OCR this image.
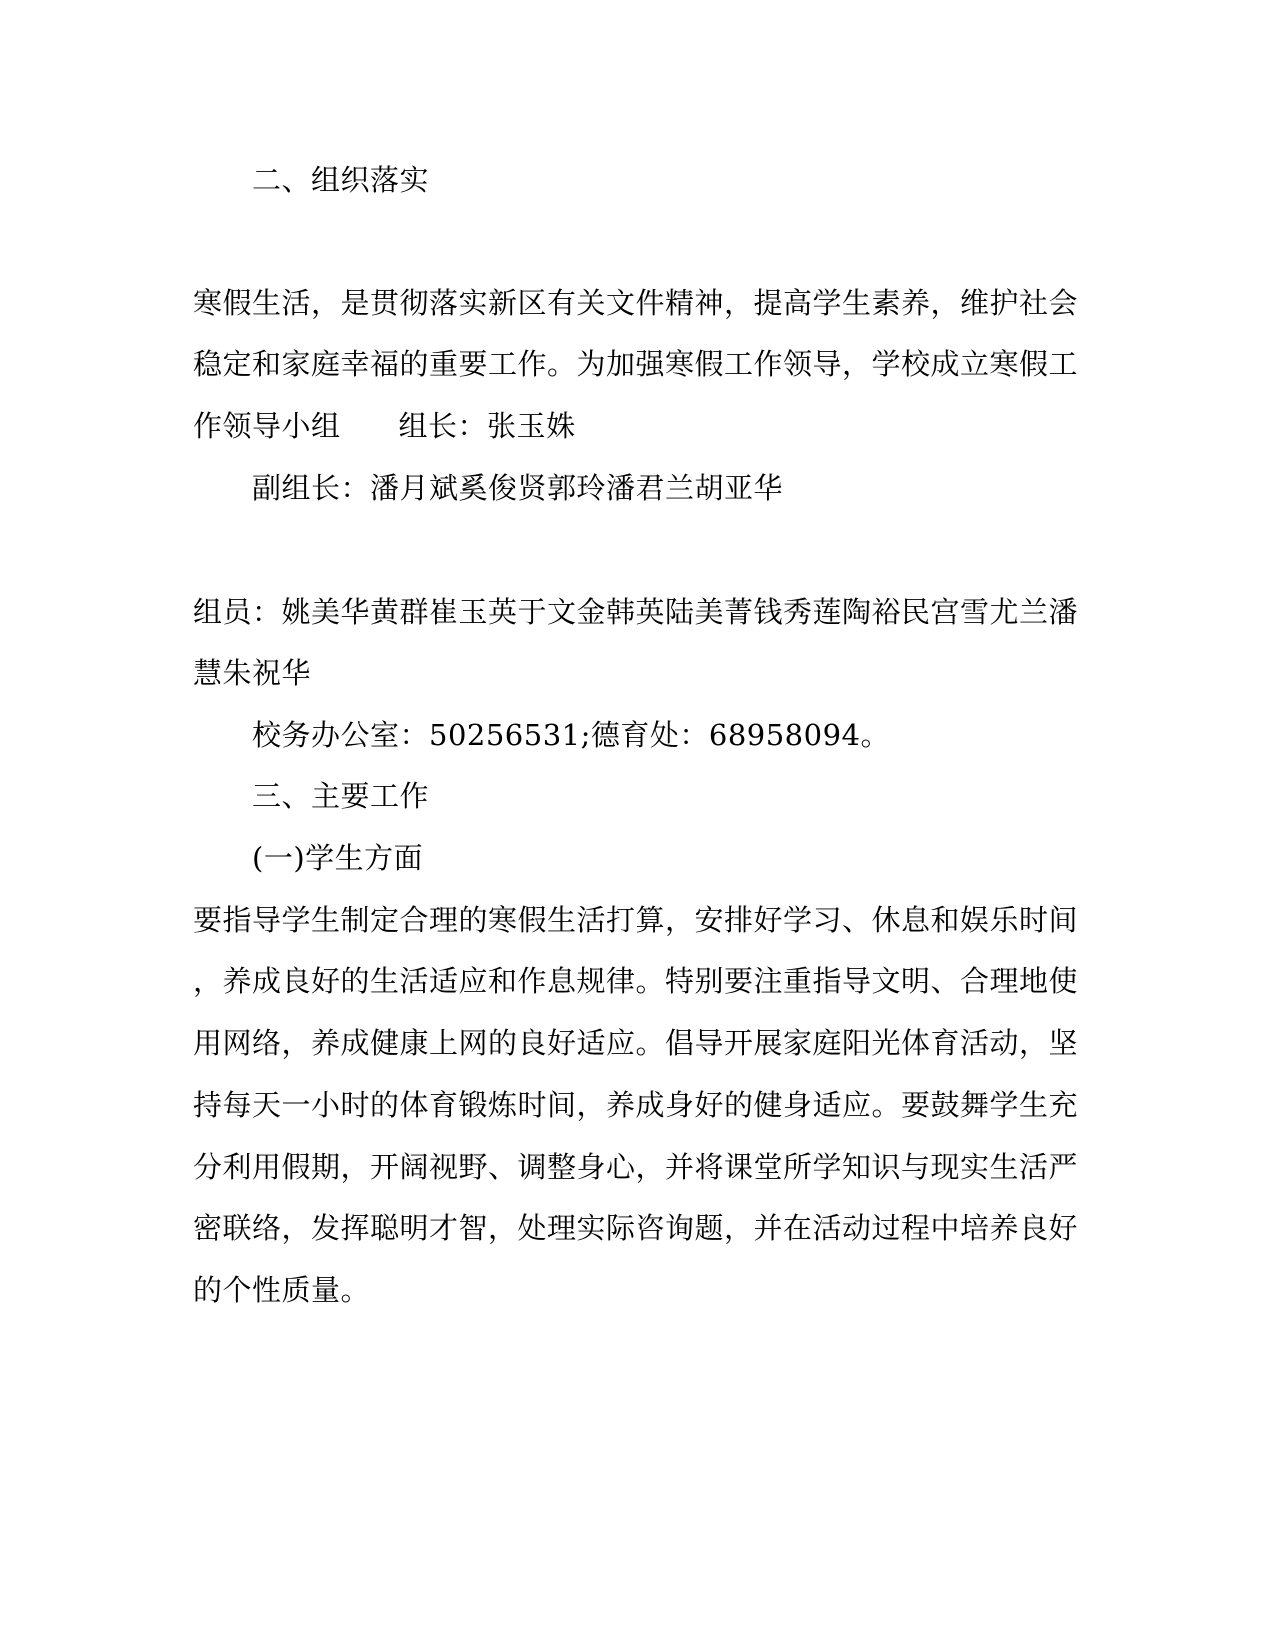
二、组织落实
寒假生活，是贯彻落实新区有关文件精神，提高学生素养，维护社会
稳定和家庭幸福的重要工作。为加强寒假工作领导，学校成立寒假工
作领导小组 组长：张玉姝
副组长：潘月斌奚俊贤郭玲潘君兰胡亚华
组员：姚美华黄群崔玉英于文金韩英陆美菁钱秀莲陶裕民宫雪尤兰潘
慧朱祝华
校务办公室：50256531;德育处：68958094。
三、主要工作
(一)学生方面
要指导学生制定合理的寒假生活打算，安排好学习、休息和娱乐时间
，养成良好的生活适应和作息规律。特别要注重指导文明、合理地使
用网络，养成健康上网的良好适应。倡导开展家庭阳光体育活动，坚
持每天一小时的体育锻炼时间，养成身好的健身适应。要鼓舞学生充
分利用假期，开阔视野、调整身心，并将课堂所学知识与现实生活严
密联络，发挥聪明才智，处理实际咨询题，并在活动过程中培养良好
的个性质量。
